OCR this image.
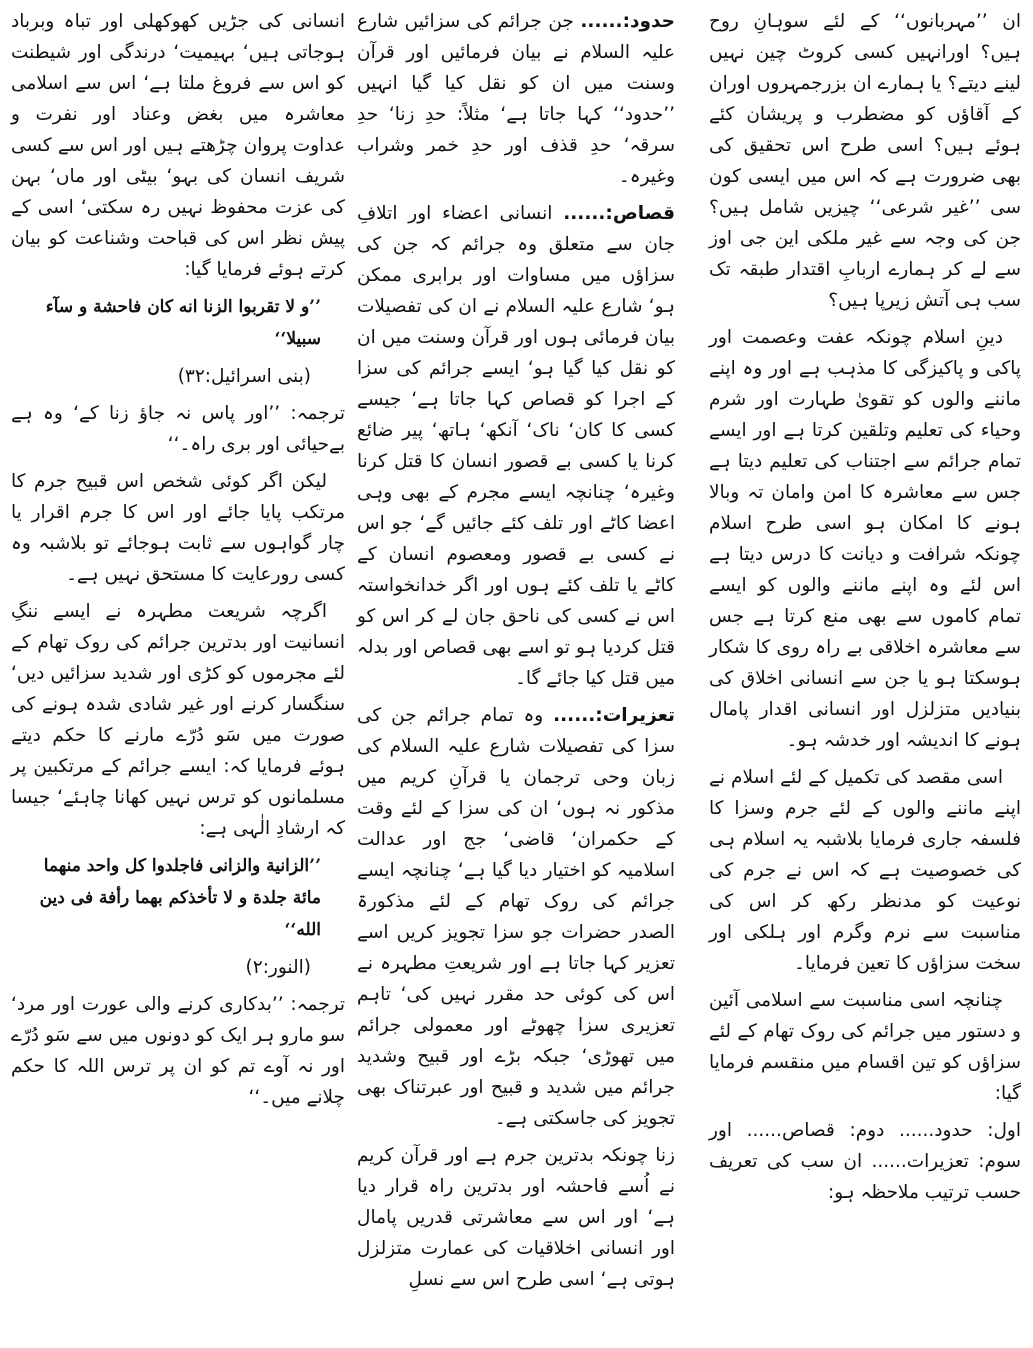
ان ’’مہربانوں‘‘ کے لئے سوہانِ روح ہیں؟ اورانہیں کسی کروٹ چین نہیں لینے دیتے؟ یا ہمارے ان بزرجمہروں اوران کے آقاؤں کو مضطرب و پریشان کئے ہوئے ہیں؟ اسی طرح اس تحقیق کی بھی ضرورت ہے کہ اس میں ایسی کون سی ’’غیر شرعی‘‘ چیزیں شامل ہیں؟ جن کی وجہ سے غیر ملکی این جی اوز سے لے کر ہمارے اربابِ اقتدار طبقہ تک سب ہی آتش زیرپا ہیں؟

دینِ اسلام چونکہ عفت وعصمت اور پاکی و پاکیزگی کا مذہب ہے اور وہ اپنے ماننے والوں کو تقویٰ طہارت اور شرم وحیاء کی تعلیم وتلقین کرتا ہے اور ایسے تمام جرائم سے اجتناب کی تعلیم دیتا ہے جس سے معاشرہ کا امن وامان تہ وبالا ہونے کا امکان ہو اسی طرح اسلام چونکہ شرافت و دیانت کا درس دیتا ہے اس لئے وہ اپنے ماننے والوں کو ایسے تمام کاموں سے بھی منع کرتا ہے جس سے معاشرہ اخلاقی بے راہ روی کا شکار ہوسکتا ہو یا جن سے انسانی اخلاق کی بنیادیں متزلزل اور انسانی اقدار پامال ہونے کا اندیشہ اور خدشہ ہو۔

اسی مقصد کی تکمیل کے لئے اسلام نے اپنے ماننے والوں کے لئے جرم وسزا کا فلسفہ جاری فرمایا بلاشبہ یہ اسلام ہی کی خصوصیت ہے کہ اس نے جرم کی نوعیت کو مدنظر رکھ کر اس کی مناسبت سے نرم وگرم اور ہلکی اور سخت سزاؤں کا تعین فرمایا۔

چنانچہ اسی مناسبت سے اسلامی آئین و دستور میں جرائم کی روک تھام کے لئے سزاؤں کو تین اقسام میں منقسم فرمایا گیا:

اول: حدود...... دوم: قصاص...... اور سوم: تعزیرات...... ان سب کی تعریف حسب ترتیب ملاحظہ ہو:

حدود:...... جن جرائم کی سزائیں شارع علیہ السلام نے بیان فرمائیں اور قرآن وسنت میں ان کو نقل کیا گیا انہیں ’’حدود‘‘ کہا جاتا ہے‘ مثلاً: حدِ زنا‘ حدِ سرقہ‘ حدِ قذف اور حدِ خمر وشراب وغیرہ۔

قصاص:...... انسانی اعضاء اور اتلافِ جان سے متعلق وہ جرائم کہ جن کی سزاؤں میں مساوات اور برابری ممکن ہو‘ شارع علیہ السلام نے ان کی تفصیلات بیان فرمائی ہوں اور قرآن وسنت میں ان کو نقل کیا گیا ہو‘ ایسے جرائم کی سزا کے اجرا کو قصاص کہا جاتا ہے‘ جیسے کسی کا کان‘ ناک‘ آنکھ‘ ہاتھ‘ پیر ضائع کرنا یا کسی بے قصور انسان کا قتل کرنا وغیرہ‘ چنانچہ ایسے مجرم کے بھی وہی اعضا کاٹے اور تلف کئے جائیں گے‘ جو اس نے کسی بے قصور ومعصوم انسان کے کاٹے یا تلف کئے ہوں اور اگر خدانخواستہ اس نے کسی کی ناحق جان لے کر اس کو قتل کردیا ہو تو اسے بھی قصاص اور بدلہ میں قتل کیا جائے گا۔

تعزیرات:...... وہ تمام جرائم جن کی سزا کی تفصیلات شارع علیہ السلام کی زبان وحی ترجمان یا قرآنِ کریم میں مذکور نہ ہوں‘ ان کی سزا کے لئے وقت کے حکمران‘ قاضی‘ جج اور عدالت اسلامیہ کو اختیار دیا گیا ہے‘ چنانچہ ایسے جرائم کی روک تھام کے لئے مذکورۃ الصدر حضرات جو سزا تجویز کریں اسے تعزیر کہا جاتا ہے اور شریعتِ مطہرہ نے اس کی کوئی حد مقرر نہیں کی‘ تاہم تعزیری سزا چھوٹے اور معمولی جرائم میں تھوڑی‘ جبکہ بڑے اور قبیح وشدید جرائم میں شدید و قبیح اور عبرتناک بھی تجویز کی جاسکتی ہے۔

زنا چونکہ بدترین جرم ہے اور قرآن کریم نے اُسے فاحشہ اور بدترین راہ قرار دیا ہے‘ اور اس سے معاشرتی قدریں پامال اور انسانی اخلاقیات کی عمارت متزلزل ہوتی ہے‘ اسی طرح اس سے نسلِ

انسانی کی جڑیں کھوکھلی اور تباہ وبرباد ہوجاتی ہیں‘ بہیمیت‘ درندگی اور شیطنت کو اس سے فروغ ملتا ہے‘ اس سے اسلامی معاشرہ میں بغض وعناد اور نفرت و عداوت پروان چڑھتے ہیں اور اس سے کسی شریف انسان کی بہو‘ بیٹی اور ماں‘ بہن کی عزت محفوظ نہیں رہ سکتی‘ اسی کے پیش نظر اس کی قباحت وشناعت کو بیان کرتے ہوئے فرمایا گیا:

’’و لا تقربوا الزنا انه کان فاحشة و سآء سبیلا‘‘
(بنی اسرائیل:۳۲)

ترجمہ: ’’اور پاس نہ جاؤ زنا کے‘ وہ ہے بےحیائی اور بری راہ۔‘‘

لیکن اگر کوئی شخص اس قبیح جرم کا مرتکب پایا جائے اور اس کا جرم اقرار یا چار گواہوں سے ثابت ہوجائے تو بلاشبہ وہ کسی رورعایت کا مستحق نہیں ہے۔

اگرچہ شریعت مطہرہ نے ایسے ننگِ انسانیت اور بدترین جرائم کی روک تھام کے لئے مجرموں کو کڑی اور شدید سزائیں دیں‘ سنگسار کرنے اور غیر شادی شدہ ہونے کی صورت میں سَو دُرّے مارنے کا حکم دیتے ہوئے فرمایا کہ: ایسے جرائم کے مرتکبین پر مسلمانوں کو ترس نہیں کھانا چاہئے‘ جیسا کہ ارشادِ الٰہی ہے:

’’الزانیة والزانی فاجلدوا کل واحد منهما مائة جلدة و لا تأخذکم بهما رأفة فی دین الله‘‘
(النور:۲)

ترجمہ: ’’بدکاری کرنے والی عورت اور مرد‘ سو مارو ہر ایک کو دونوں میں سے سَو دُرّے اور نہ آوے تم کو ان پر ترس اللہ کا حکم چلانے میں۔‘‘
